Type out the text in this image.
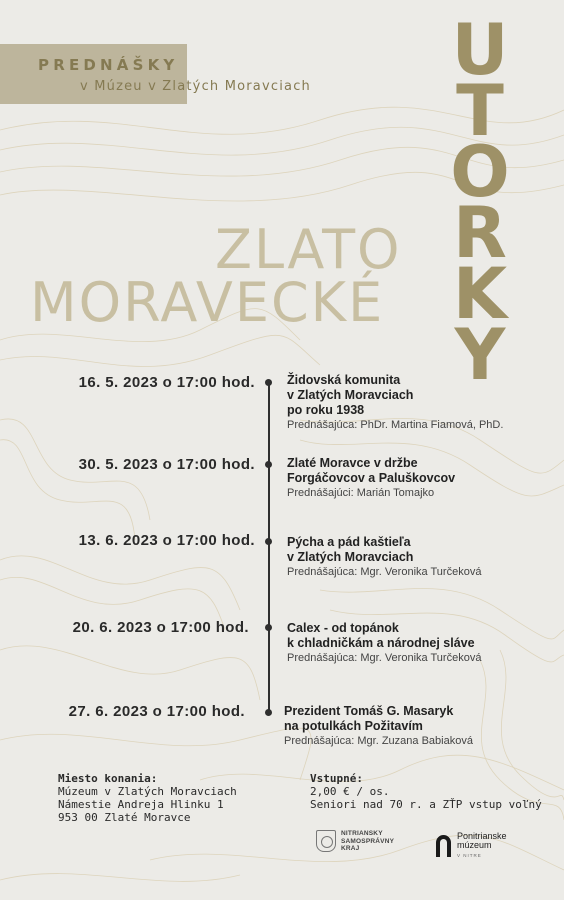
PREDNÁŠKY
v Múzeu v Zlatých Moravciach U
T
O
R
K
Y
ZLATO
MORAVECKÉ
16. 5. 2023 o 17:00 hod.	Židovská komunita
v Zlatých Moravciach
po roku 1938
Prednášajúca: PhDr. Martina Fiamová, PhD.
30. 5. 2023 o 17:00 hod.	Zlaté Moravce v držbe
Forgáčovcov a Paluškovcov
Prednášajúci: Marián Tomajko
13. 6. 2023 o 17:00 hod.	Pýcha a pád kaštieľa
v Zlatých Moravciach
Prednášajúca: Mgr. Veronika Turčeková
20. 6. 2023 o 17:00 hod.	Calex - od topánok
k chladničkám a národnej sláve
Prednášajúca: Mgr. Veronika Turčeková
27. 6. 2023 o 17:00 hod.	Prezident Tomáš G. Masaryk
na potulkách Požitavím
Prednášajúca: Mgr. Zuzana Babiaková
Miesto konania:
Múzeum v Zlatých Moravciach
Námestie Andreja Hlinku 1
953 00 Zlaté Moravce
Vstupné:
2,00 € / os.
Seniori nad 70 r. a ZŤP vstup voľný
NITRIANSKY
SAMOSPRÁVNY
KRAJ
Ponitrianske
múzeum
V NITRE
